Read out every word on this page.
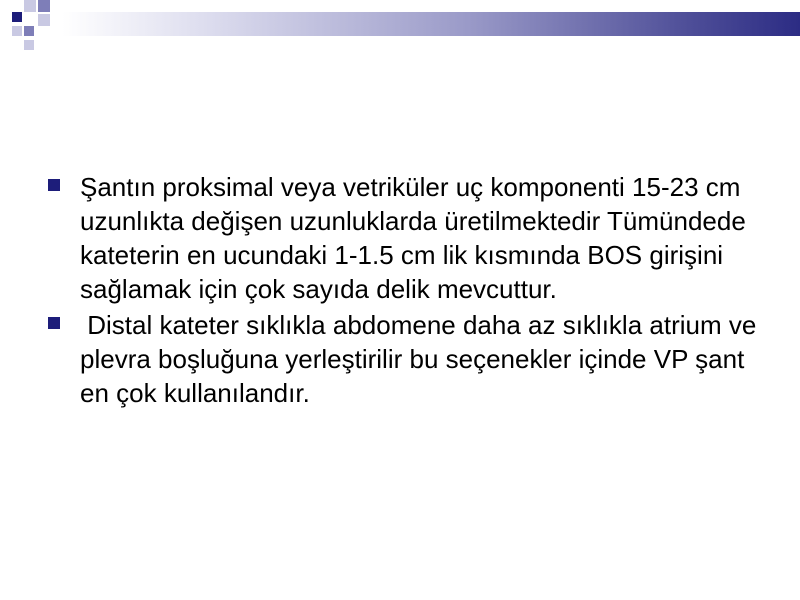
Şantın proksimal veya vetriküler uç komponenti 15-23 cm uzunlıkta değişen uzunluklarda üretilmektedir Tümündede kateterin en ucundaki 1-1.5 cm lik kısmında BOS girişini sağlamak için çok sayıda delik mevcuttur.
Distal kateter sıklıkla abdomene daha az sıklıkla atrium ve plevra boşluğuna yerleştirilir bu seçenekler içinde VP şant en çok kullanılandır.
